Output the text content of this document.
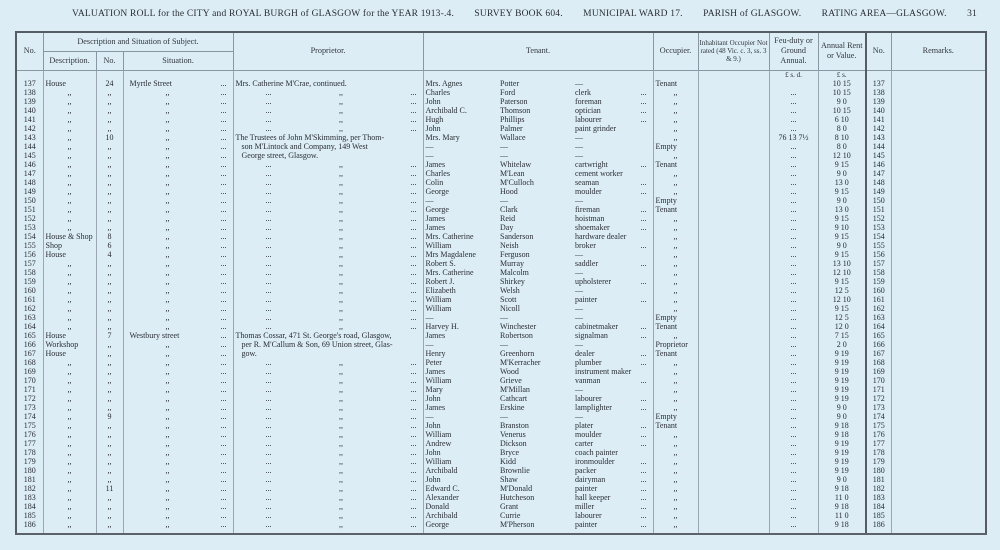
VALUATION ROLL for the CITY and ROYAL BURGH of GLASGOW for the YEAR 1913-.4. SURVEY BOOK 604. MUNICIPAL WARD 17. PARISH of GLASGOW. RATING AREA—GLASGOW. 31
No.	Description and Situation of Subject.			Proprietor.	Tenant.			Occupier.	Inhabitant Occupier Not rated (48 Vic. c. 3, ss. 3 & 9.)	Feu-duty or Ground Annual.	Annual Rent or Value.	No.	Remarks.
	Description.	No.	Situation.										
										£ s. d.	£ s.		
137	House	24	Myrtle Street ...	Mrs. Catherine M'Crae, continued.	Mrs. Agnes	Potter	—	Tenant			10 15	137	
138	,,	,,	,, ...	... ,, ...	Charles	Ford	clerk ...	,,		...	10 15	138	
139	,,	,,	,, ...	... ,, ...	John	Paterson	foreman ...	,,		...	9 0	139	
140	,,	,,	,, ...	... ,, ...	Archibald C.	Thomson	optician ...	,,		...	10 15	140	
141	,,	,,	,, ...	... ,, ...	Hugh	Phillips	labourer ...	,,		...	6 10	141	
142	,,	,,	,, ...	... ,, ...	John	Palmer	paint grinder	,,		...	8 0	142	
143	,,	10	,, ...	The Trustees of John M'Skimming, per Thom-	Mrs. Mary	Wallace	—	,,		76 13 7½	8 10	143	
144	,,	,,	,, ...	son M'Lintock and Company, 149 West	—	—	—	Empty		...	8 0	144	
145	,,	,,	,, ...	George street, Glasgow.	—	—	—	,,		...	12 10	145	
146	,,	,,	,, ...	... ,, ...	James	Whitelaw	cartwright ...	Tenant		...	9 15	146	
147	,,	,,	,, ...	... ,, ...	Charles	M'Lean	cement worker	,,		...	9 0	147	
148	,,	,,	,, ...	... ,, ...	Colin	M'Culloch	seaman ...	,,		...	13 0	148	
149	,,	,,	,, ...	... ,, ...	George	Hood	moulder ...	,,		...	9 15	149	
150	,,	,,	,, ...	... ,, ...	—	—	—	Empty		...	9 0	150	
151	,,	,,	,, ...	... ,, ...	George	Clark	fireman ...	Tenant		...	13 0	151	
152	,,	,,	,, ...	... ,, ...	James	Reid	hoistman ...	,,		...	9 15	152	
153	,,	,,	,, ...	... ,, ...	James	Day	shoemaker ...	,,		...	9 10	153	
154	House & Shop	8	,, ...	... ,, ...	Mrs. Catherine	Sanderson	hardware dealer	,,		...	9 15	154	
155	Shop	6	,, ...	... ,, ...	William	Neish	broker ...	,,		...	9 0	155	
156	House	4	,, ...	... ,, ...	Mrs Magdalene	Ferguson	—	,,		...	9 15	156	
157	,,	,,	,, ...	... ,, ...	Robert S.	Murray	saddler ...	,,		...	13 10	157	
158	,,	,,	,, ...	... ,, ...	Mrs. Catherine	Malcolm	—	,,		...	12 10	158	
159	,,	,,	,, ...	... ,, ...	Robert J.	Shirkey	upholsterer ...	,,		...	9 15	159	
160	,,	,,	,, ...	... ,, ...	Elizabeth	Welsh	—	,,		...	12 5	160	
161	,,	,,	,, ...	... ,, ...	William	Scott	painter ...	,,		...	12 10	161	
162	,,	,,	,, ...	... ,, ...	William	Nicoll	—	,,		...	9 15	162	
163	,,	,,	,, ...	... ,, ...	—	—	—	Empty		...	12 5	163	
164	,,	,,	,, ...	... ,, ...	Harvey H.	Winchester	cabinetmaker ...	Tenant		...	12 0	164	
165	House	7	Westbury street ...	Thomas Cossar, 471 St. George's road, Glasgow,	James	Robertson	signalman ...	,,		...	7 15	165	
166	Workshop	,,	,, ...	per R. M'Callum & Son, 69 Union street, Glas-	—	—	—	Proprietor		...	2 0	166	
167	House	,,	,, ...	gow.	Henry	Greenhorn	dealer ...	Tenant		...	9 19	167	
168	,,	,,	,, ...	... ,, ...	Peter	M'Kerracher	plumber ...	,,		...	9 19	168	
169	,,	,,	,, ...	... ,, ...	James	Wood	instrument maker	,,		...	9 19	169	
170	,,	,,	,, ...	... ,, ...	William	Grieve	vanman ...	,,		...	9 19	170	
171	,,	,,	,, ...	... ,, ...	Mary	M'Millan	—	,,		...	9 19	171	
172	,,	,,	,, ...	... ,, ...	John	Cathcart	labourer ...	,,		...	9 19	172	
173	,,	,,	,, ...	... ,, ...	James	Erskine	lamplighter ...	,,		...	9 0	173	
174	,,	9	,, ...	... ,, ...	—	—	—	Empty		...	9 0	174	
175	,,	,,	,, ...	... ,, ...	John	Branston	plater ...	Tenant		...	9 18	175	
176	,,	,,	,, ...	... ,, ...	William	Venerus	moulder ...	,,		...	9 18	176	
177	,,	,,	,, ...	... ,, ...	Andrew	Dickson	carter ...	,,		...	9 19	177	
178	,,	,,	,, ...	... ,, ...	John	Bryce	coach painter	,,		...	9 19	178	
179	,,	,,	,, ...	... ,, ...	William	Kidd	ironmoulder ...	,,		...	9 19	179	
180	,,	,,	,, ...	... ,, ...	Archibald	Brownlie	packer ...	,,		...	9 19	180	
181	,,	,,	,, ...	... ,, ...	John	Shaw	dairyman ...	,,		...	9 0	181	
182	,,	11	,, ...	... ,, ...	Edward C.	M'Donald	painter ...	,,		...	9 18	182	
183	,,	,,	,, ...	... ,, ...	Alexander	Hutcheson	hall keeper ...	,,		...	11 0	183	
184	,,	,,	,, ...	... ,, ...	Donald	Grant	miller ...	,,		...	9 18	184	
185	,,	,,	,, ...	... ,, ...	Archibald	Currie	labourer ...	,,		...	11 0	185	
186	,,	,,	,, ...	... ,, ...	George	M'Pherson	painter ...	,,		...	9 18	186	
